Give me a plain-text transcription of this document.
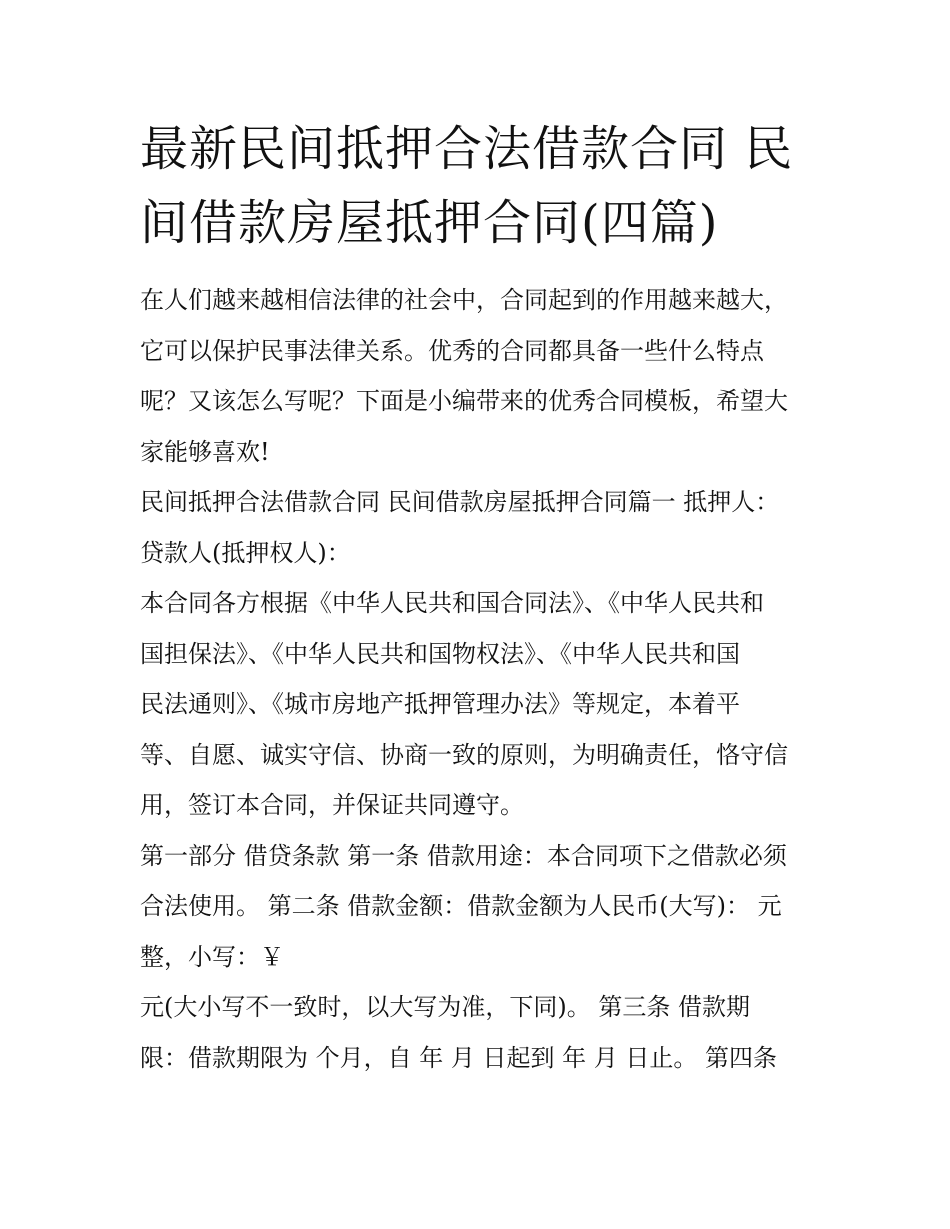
最新民间抵押合法借款合同 民
间借款房屋抵押合同(四篇)
在人们越来越相信法律的社会中，合同起到的作用越来越大，
它可以保护民事法律关系。优秀的合同都具备一些什么特点
呢？又该怎么写呢？下面是小编带来的优秀合同模板，希望大
家能够喜欢!
民间抵押合法借款合同 民间借款房屋抵押合同篇一 抵押人：
贷款人(抵押权人)：
本合同各方根据《中华人民共和国合同法》、《中华人民共和
国担保法》、《中华人民共和国物权法》、《中华人民共和国
民法通则》、《城市房地产抵押管理办法》等规定，本着平
等、自愿、诚实守信、协商一致的原则，为明确责任，恪守信
用，签订本合同，并保证共同遵守。
第一部分 借贷条款 第一条 借款用途：本合同项下之借款必须
合法使用。 第二条 借款金额：借款金额为人民币(大写)： 元
整，小写：￥
元(大小写不一致时，以大写为准，下同)。 第三条 借款期
限：借款期限为 个月，自 年 月 日起到 年 月 日止。 第四条
